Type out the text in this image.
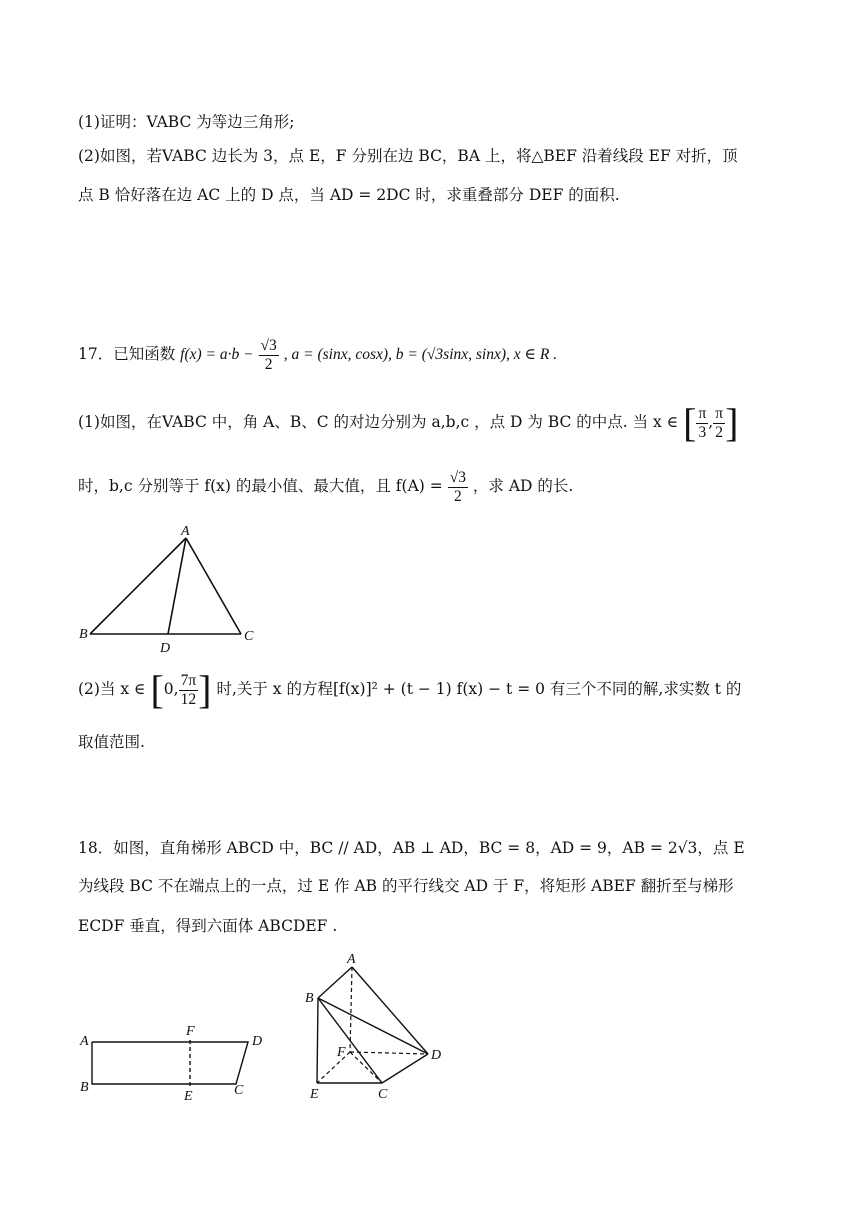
(1)证明：VABC 为等边三角形;
(2)如图，若VABC 边长为 3，点 E，F 分别在边 BC，BA 上，将△BEF 沿着线段 EF 对折，顶
点 B 恰好落在边 AC 上的 D 点，当 AD = 2DC 时，求重叠部分 DEF 的面积.
17．已知函数 $f(x) = a\cdot b - \frac{√3}{2}$ , a = (sinx, cosx), b = (√3sinx, sinx), x ∈ R .
(1)如图，在VABC 中，角 A、B、C 的对边分别为 a,b,c ，点 D 为 BC 的中点. 当 x ∈ [ $\frac{\pi}{3}$ , $\frac{\pi}{2}$ ]
时，b,c 分别等于 f(x) 的最小值、最大值，且 $f(A) = \frac{√3}{2}$ ，求 AD 的长.
A
B	C
D
(2)当 x ∈ [0, $\frac{7\pi}{12}$ ] 时,关于 x 的方程[f(x)]² + (t − 1) f(x) − t = 0 有三个不同的解,求实数 t 的
取值范围.
18．如图，直角梯形 ABCD 中，BC // AD，AB ⊥ AD，BC = 8，AD = 9，AB = 2√3，点 E
为线段 BC 不在端点上的一点，过 E 作 AB 的平行线交 AD 于 F，将矩形 ABEF 翻折至与梯形
ECDF 垂直，得到六面体 ABCDEF .
A
F
D
B
E	C
A
B
F	D
E	C
